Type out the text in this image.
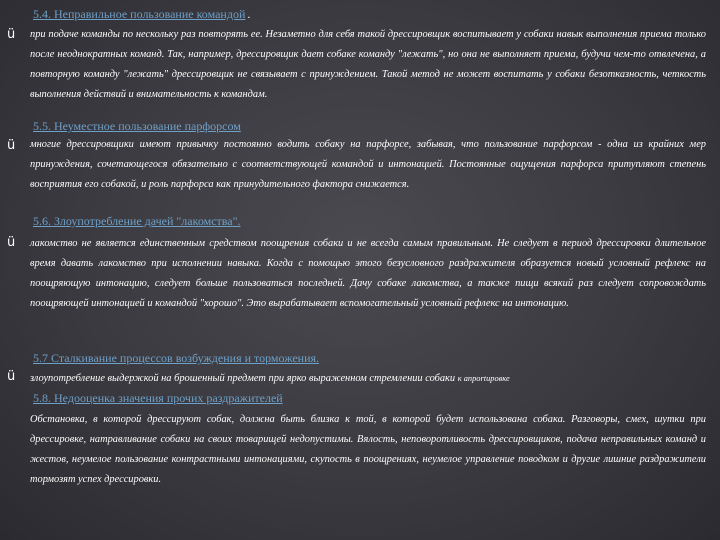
5.4. Неправильное пользование командой .
ü при подаче команды по нескольку раз повторять ее. Незаметно для себя такой дрессировщик воспитывает у собаки навык выполнения приема только после неоднократных команд. Так, например, дрессировщик дает собаке команду "лежать", но она не выполняет приема, будучи чем-то отвлечена, а повторную команду "лежать" дрессировщик не связывает с принуждением. Такой метод не может воспитать у собаки безотказность, четкость выполнения действий и внимательность к командам.
5.5. Неуместное пользование парфорсом
ü многие дрессировщики имеют привычку постоянно водить собаку на парфорсе, забывая, что пользование парфорсом - одна из крайних мер принуждения, сочетающегося обязательно с соответствующей командой и интонацией. Постоянные ощущения парфорса притупляют степень восприятия его собакой, и роль парфорса как принудительного фактора снижается.
5.6. Злоупотребление дачей "лакомства".
ü лакомство не является единственным средством поощрения собаки и не всегда самым правильным. Не следует в период дрессировки длительное время давать лакомство при исполнении навыка. Когда с помощью этого безусловного раздражителя образуется новый условный рефлекс на поощряющую интонацию, следует больше пользоваться последней. Дачу собаке лакомства, а также пищи всякий раз следует сопровождать поощряющей интонацией и командой "хорошо". Это вырабатывает вспомогательный условный рефлекс на интонацию.
5.7 Сталкивание процессов возбуждения и торможения.
ü злоупотребление выдержкой на брошенный предмет при ярко выраженном стремлении собаки к апportировке
5.8. Недооценка значения прочих раздражителей
Обстановка, в которой дрессируют собак, должна быть близка к той, в которой будет использована собака. Разговоры, смех, шутки при дрессировке, натравливание собаки на своих товарищей недопустимы. Вялость, неповоротливость дрессировщиков, подача неправильных команд и жестов, неумелое пользование контрастными интонациями, скупость в поощрениях, неумелое управление поводком и другие лишние раздражители тормозят успех дрессировки.
